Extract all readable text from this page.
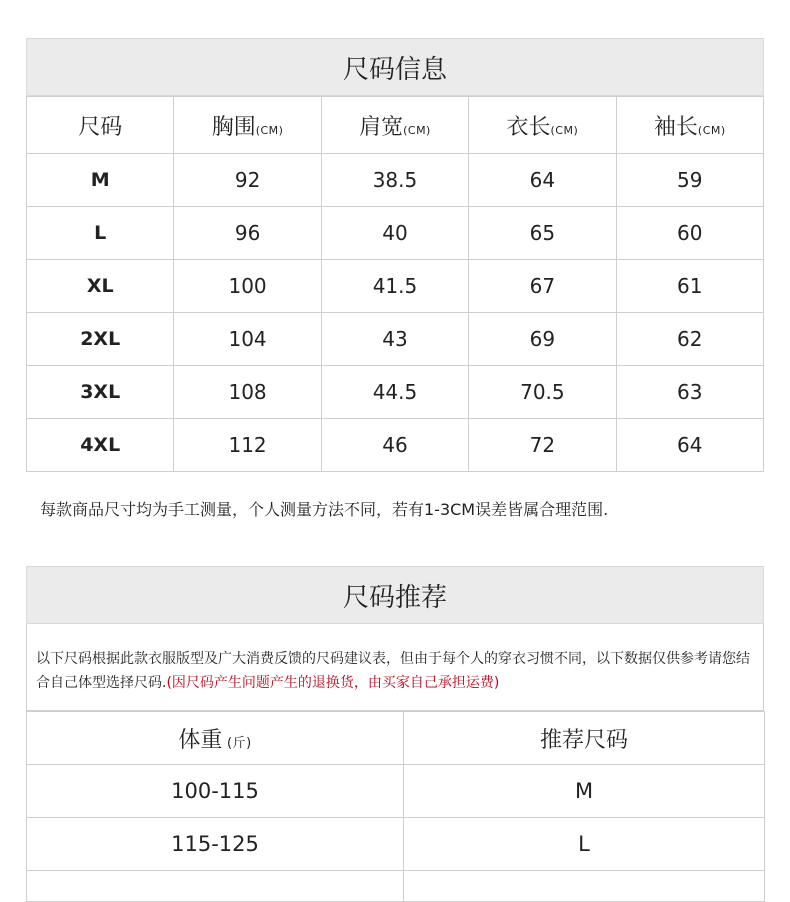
尺码信息
尺码	胸围(CM)	肩宽(CM)	衣长(CM)	袖长(CM)
M	92	38.5	64	59
L	96	40	65	60
XL	100	41.5	67	61
2XL	104	43	69	62
3XL	108	44.5	70.5	63
4XL	112	46	72	64
每款商品尺寸均为手工测量，个人测量方法不同，若有1-3CM误差皆属合理范围.
尺码推荐
以下尺码根据此款衣服版型及广大消费反馈的尺码建议表，但由于每个人的穿衣习惯不同，以下数据仅供参考请您结合自己体型选择尺码.(因尺码产生问题产生的退换货，由买家自己承担运费)
体重 (斤)	推荐尺码
100-115	M
115-125	L
